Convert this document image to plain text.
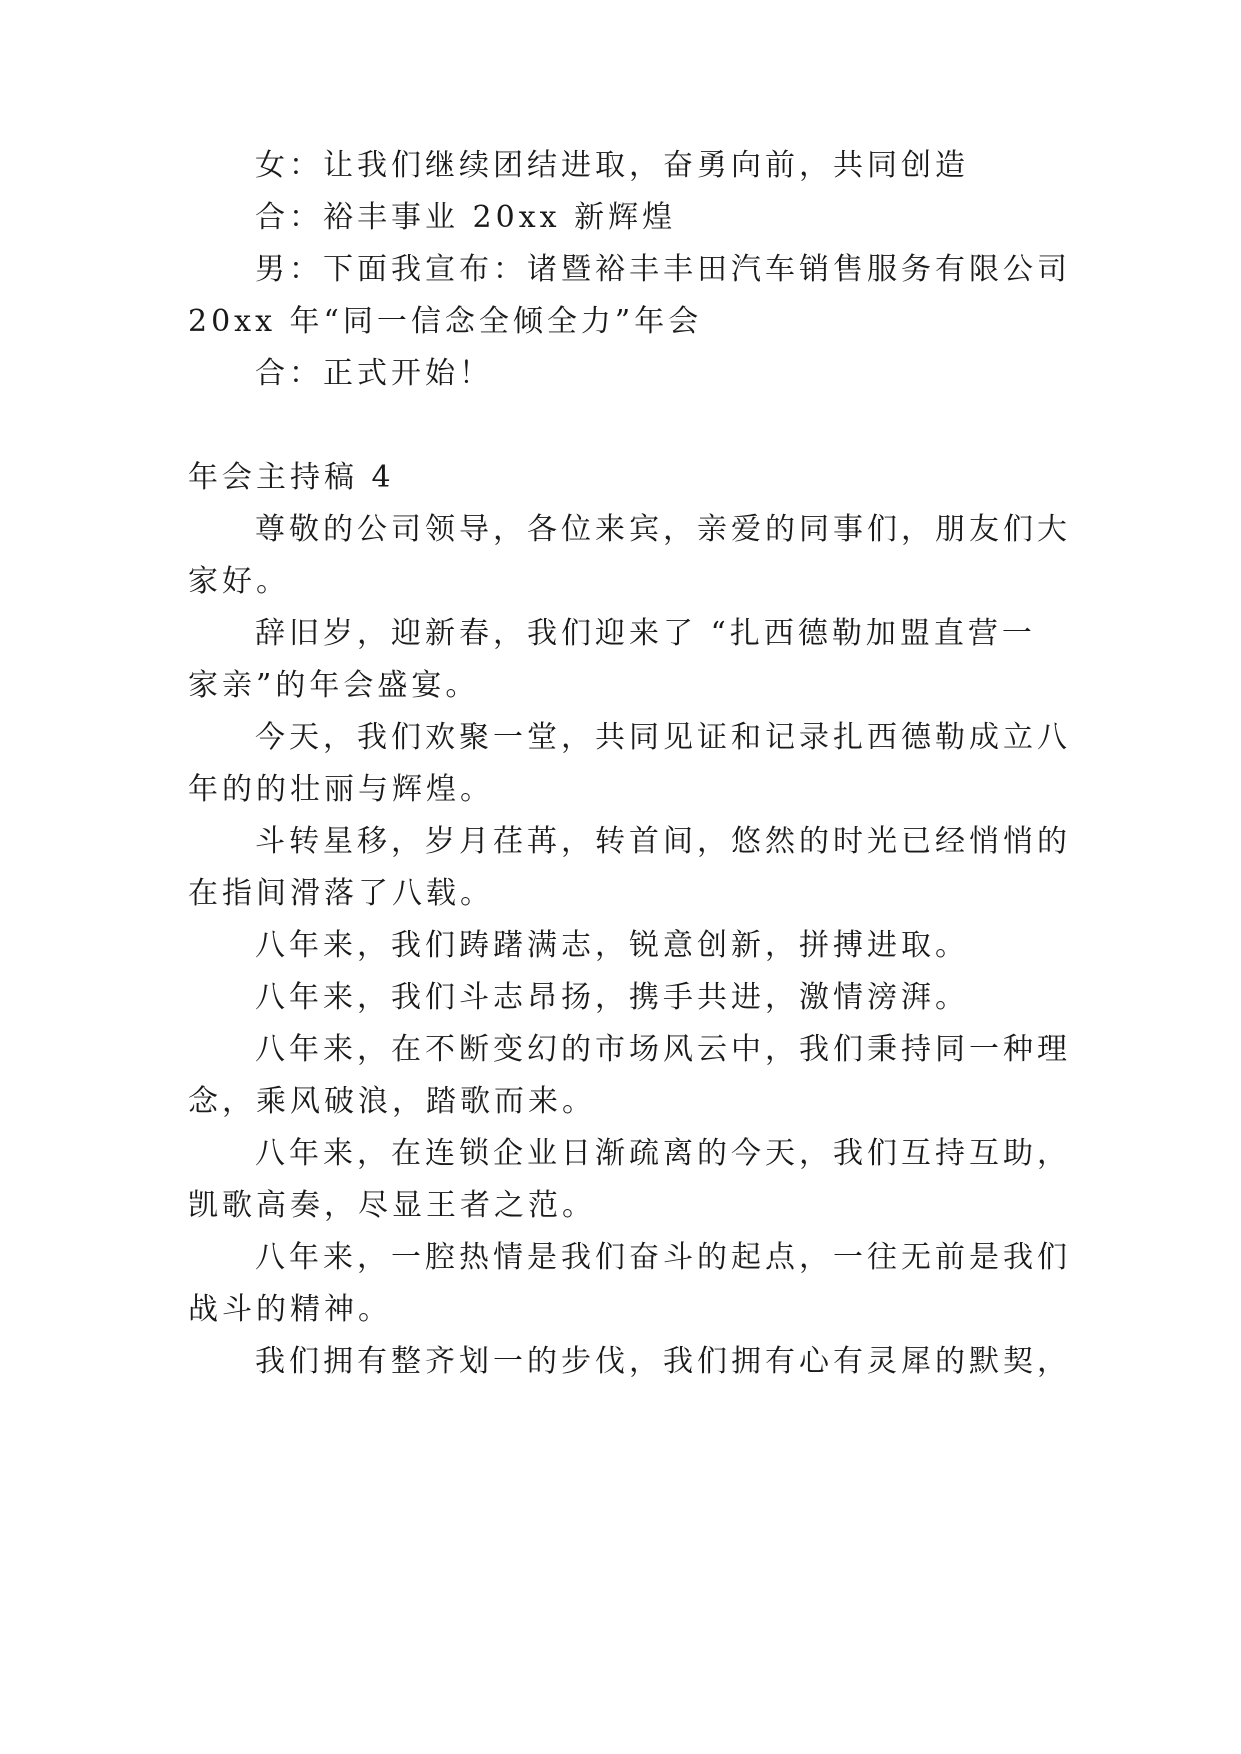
女：让我们继续团结进取，奋勇向前，共同创造
合：裕丰事业 20xx 新辉煌
男：下面我宣布：诸暨裕丰丰田汽车销售服务有限公司
20xx 年“同一信念全倾全力”年会
合：正式开始！
年会主持稿 4
尊敬的公司领导，各位来宾，亲爱的同事们，朋友们大
家好。
辞旧岁，迎新春，我们迎来了 “扎西德勒加盟直营一
家亲”的年会盛宴。
今天，我们欢聚一堂，共同见证和记录扎西德勒成立八
年的的壮丽与辉煌。
斗转星移，岁月荏苒，转首间，悠然的时光已经悄悄的
在指间滑落了八载。
八年来，我们踌躇满志，锐意创新，拼搏进取。
八年来，我们斗志昂扬，携手共进，激情滂湃。
八年来，在不断变幻的市场风云中，我们秉持同一种理
念，乘风破浪，踏歌而来。
八年来，在连锁企业日渐疏离的今天，我们互持互助，
凯歌高奏，尽显王者之范。
八年来，一腔热情是我们奋斗的起点，一往无前是我们
战斗的精神。
我们拥有整齐划一的步伐，我们拥有心有灵犀的默契，
